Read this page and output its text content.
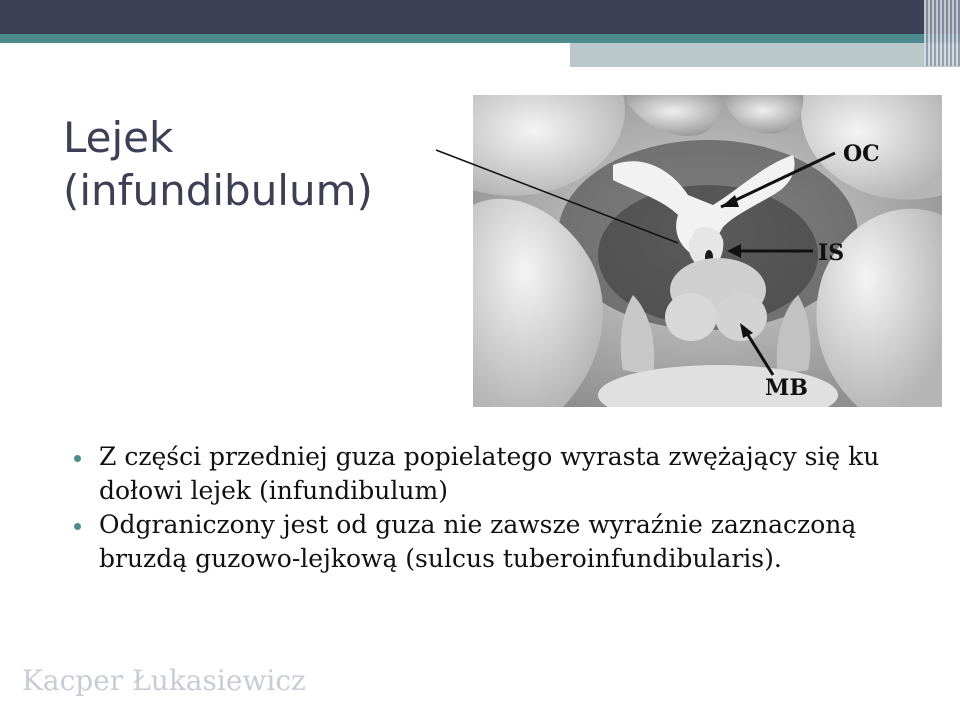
Lejek
(infundibulum)
OC
IS
MB
Z części przedniej guza popielatego wyrasta zwężający się ku dołowi lejek (infundibulum)
Odgraniczony jest od guza nie zawsze wyraźnie zaznaczoną bruzdą guzowo-lejkową (sulcus tuberoinfundibularis).
Kacper Łukasiewicz
